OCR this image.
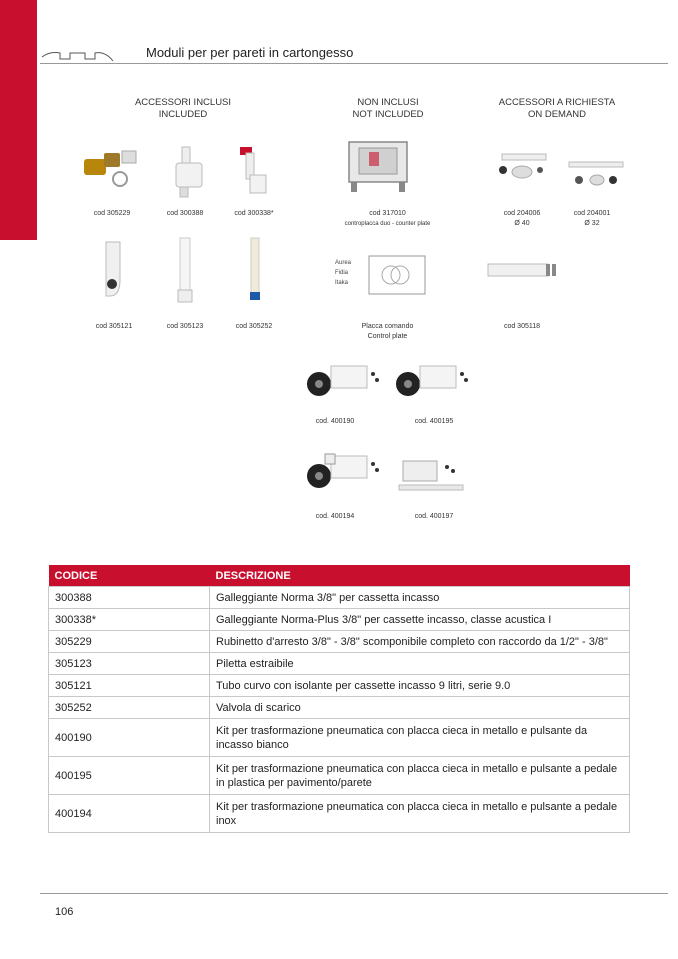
Moduli per per pareti in cartongesso
ACCESSORI INCLUSI
INCLUDED
NON INCLUSI
NOT INCLUDED
ACCESSORI A RICHIESTA
ON DEMAND
cod 305229	cod 300388	cod 300338*	cod 317010
controplacca duo - counter plate
cod 204006
Ø 40
cod 204001
Ø 32
Aurea
Fidia
Itaka
cod 305121	cod 305123	cod 305252	Placca comando
Control plate
cod 305118
cod. 400190	cod. 400195
cod. 400194	cod. 400197
CODICE	DESCRIZIONE
300388	Galleggiante Norma 3/8" per cassetta incasso
300338*	Galleggiante Norma-Plus 3/8" per cassette incasso, classe acustica I
305229	Rubinetto d'arresto 3/8" - 3/8" scomponibile completo con raccordo da 1/2" - 3/8"
305123	Piletta estraibile
305121	Tubo curvo con isolante per cassette incasso 9 litri, serie 9.0
305252	Valvola di scarico
400190	Kit per trasformazione pneumatica con placca cieca in metallo e pulsante da incasso bianco
400195	Kit per trasformazione pneumatica con placca cieca in metallo e pulsante a pedale in plastica per pavimento/parete
400194	Kit per trasformazione pneumatica con placca cieca in metallo e pulsante a pedale inox
106
